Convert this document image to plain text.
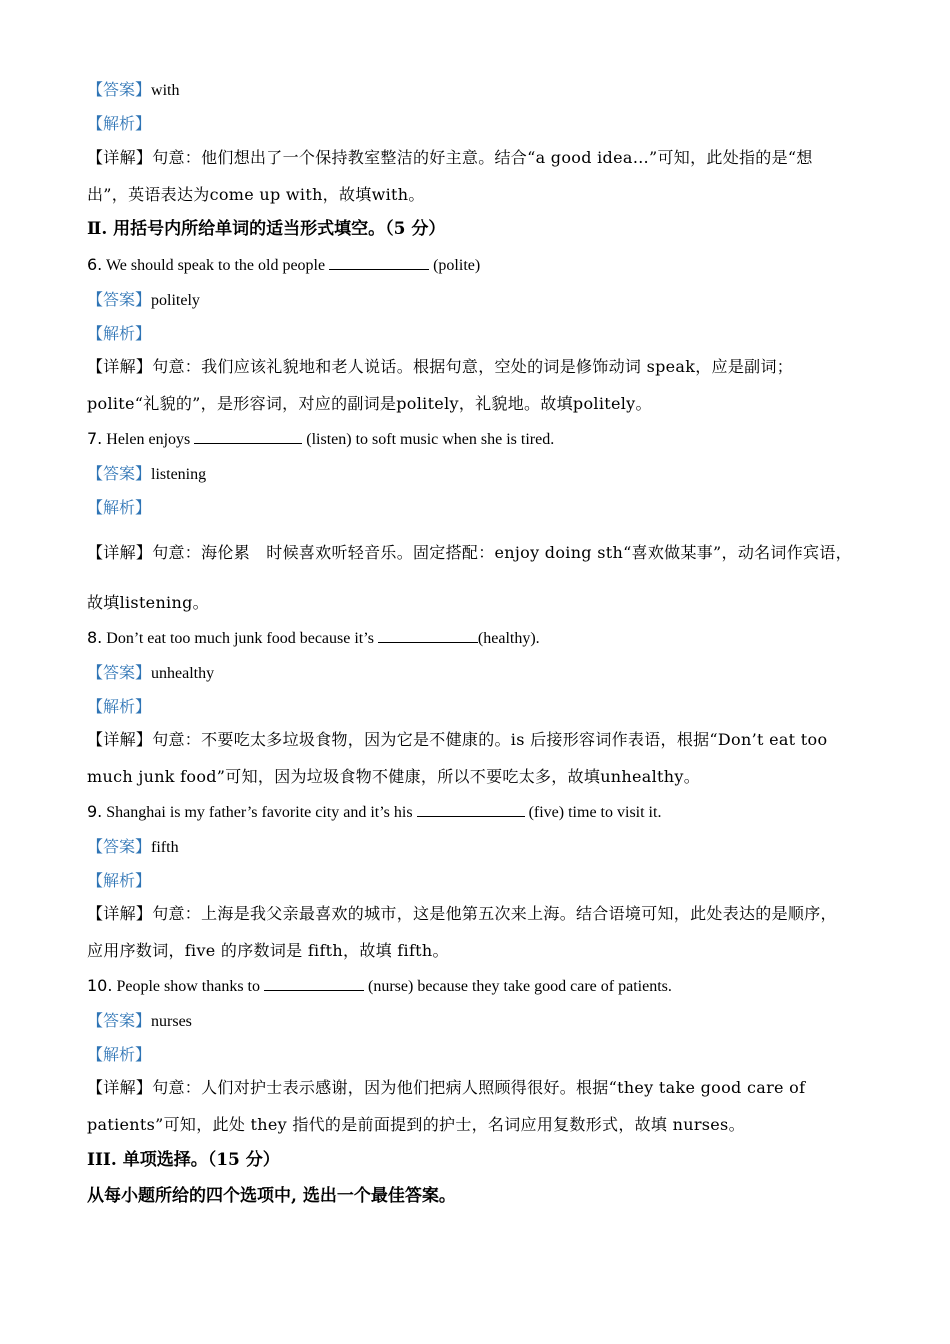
【答案】with
【解析】
【详解】句意：他们想出了一个保持教室整洁的好主意。结合“a good idea…”可知，此处指的是“想
出”，英语表达为come up with，故填with。
Ⅱ. 用括号内所给单词的适当形式填空。（5 分）
6. We should speak to the old people	(polite)
【答案】politely
【解析】
【详解】句意：我们应该礼貌地和老人说话。根据句意，空处的词是修饰动词 speak，应是副词；
polite“礼貌的”，是形容词，对应的副词是politely，礼貌地。故填politely。
7. Helen enjoys	(listen) to soft music when she is tired.
【答案】listening
【解析】
【详解】句意：海伦累　时候喜欢听轻音乐。固定搭配：enjoy doing sth“喜欢做某事”，动名词作宾语，
故填listening。
8. Don’t eat too much junk food because it’s	(healthy).
【答案】unhealthy
【解析】
【详解】句意：不要吃太多垃圾食物，因为它是不健康的。is 后接形容词作表语，根据“Don’t eat too
much junk food”可知，因为垃圾食物不健康，所以不要吃太多，故填unhealthy。
9. Shanghai is my father’s favorite city and it’s his	(five) time to visit it.
【答案】fifth
【解析】
【详解】句意：上海是我父亲最喜欢的城市，这是他第五次来上海。结合语境可知，此处表达的是顺序，
应用序数词，five 的序数词是 fifth，故填 fifth。
10. People show thanks to	(nurse) because they take good care of patients.
【答案】nurses
【解析】
【详解】句意：人们对护士表示感谢，因为他们把病人照顾得很好。根据“they take good care of
patients”可知，此处 they 指代的是前面提到的护士，名词应用复数形式，故填 nurses。
III. 单项选择。（15 分）
从每小题所给的四个选项中, 选出一个最佳答案。
